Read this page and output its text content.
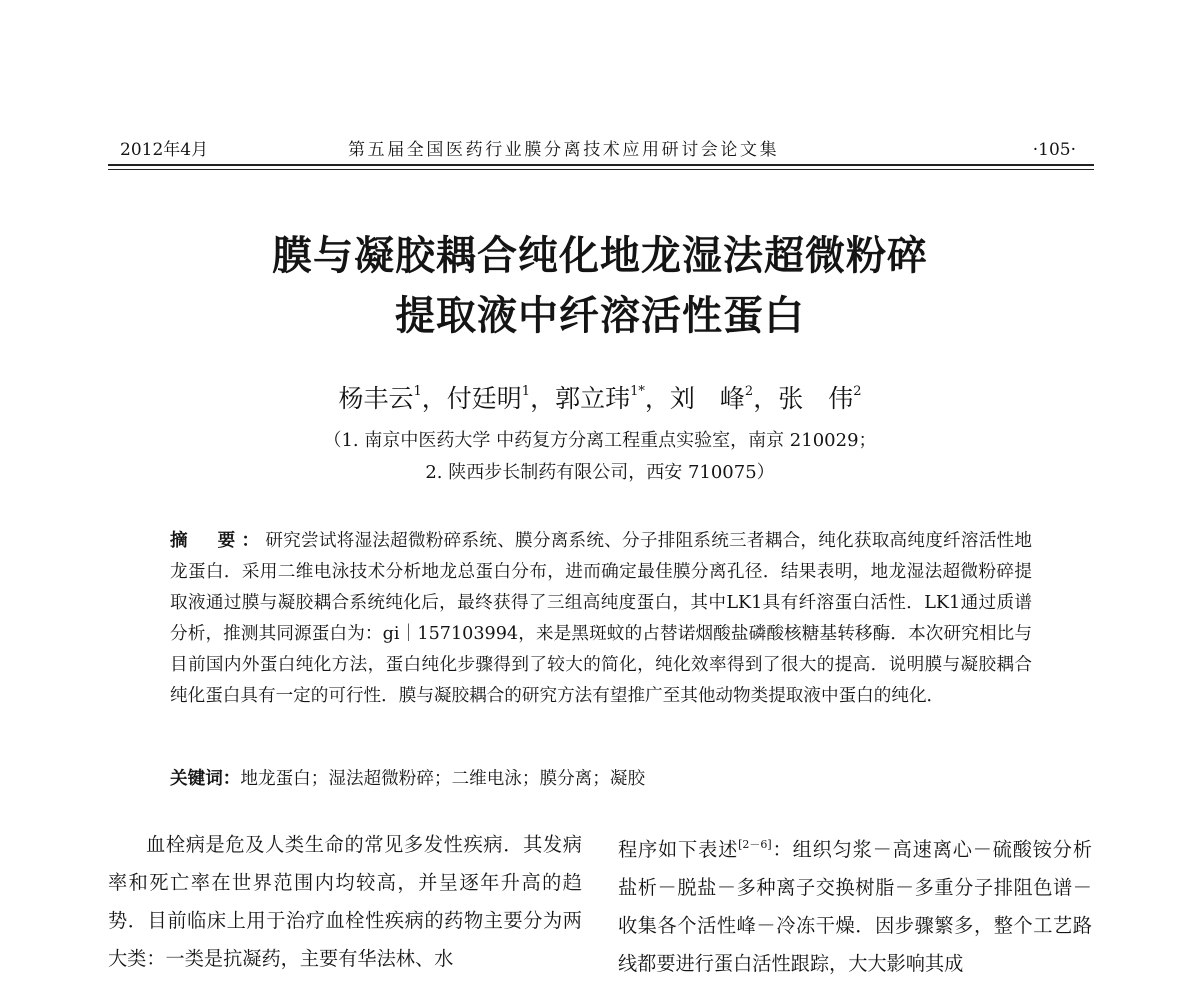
2012年4月	第五届全国医药行业膜分离技术应用研讨会论文集	·105·
膜与凝胶耦合纯化地龙湿法超微粉碎
提取液中纤溶活性蛋白
杨丰云$^1$，付廷明$^1$，郭立玮$^{1*}$，刘　峰$^2$，张　伟$^2$
（1. 南京中医药大学 中药复方分离工程重点实验室，南京 210029；
2. 陕西步长制药有限公司，西安 710075）
摘　要：研究尝试将湿法超微粉碎系统、膜分离系统、分子排阻系统三者耦合，纯化获取高纯度纤溶活性地龙蛋白．采用二维电泳技术分析地龙总蛋白分布，进而确定最佳膜分离孔径．结果表明，地龙湿法超微粉碎提取液通过膜与凝胶耦合系统纯化后，最终获得了三组高纯度蛋白，其中LK1具有纤溶蛋白活性．LK1通过质谱分析，推测其同源蛋白为：gi｜157103994，来是黑斑蚊的占替诺烟酸盐磷酸核糖基转移酶．本次研究相比与目前国内外蛋白纯化方法，蛋白纯化步骤得到了较大的简化，纯化效率得到了很大的提高．说明膜与凝胶耦合纯化蛋白具有一定的可行性．膜与凝胶耦合的研究方法有望推广至其他动物类提取液中蛋白的纯化．
关键词：地龙蛋白；湿法超微粉碎；二维电泳；膜分离；凝胶

血栓病是危及人类生命的常见多发性疾病．其发病率和死亡率在世界范围内均较高，并呈逐年升高的趋势．目前临床上用于治疗血栓性疾病的药物主要分为两大类：一类是抗凝药，主要有华法林、水

程序如下表述[2－6]：组织匀浆－高速离心－硫酸铵分析盐析－脱盐－多种离子交换树脂－多重分子排阻色谱－收集各个活性峰－冷冻干燥．因步骤繁多，整个工艺路线都要进行蛋白活性跟踪，大大影响其成
